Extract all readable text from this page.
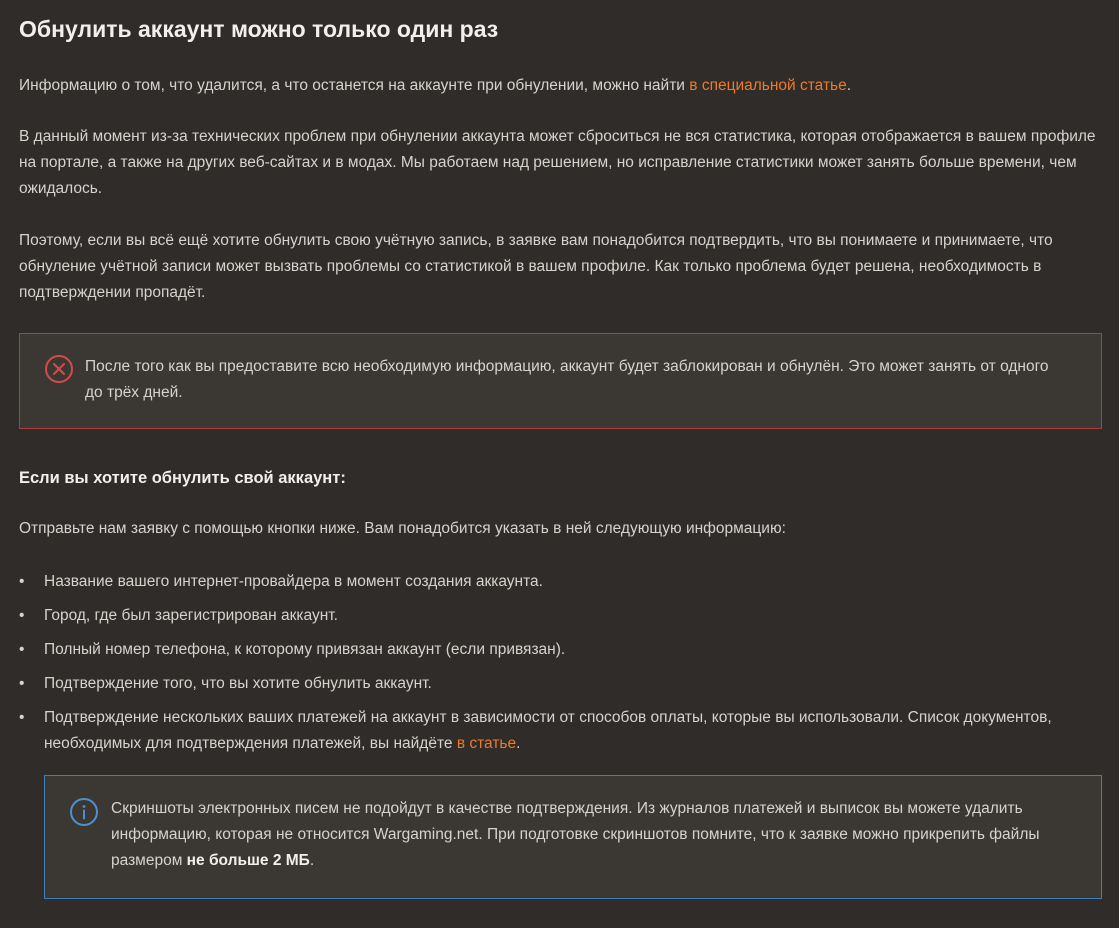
Обнулить аккаунт можно только один раз

Информацию о том, что удалится, а что останется на аккаунте при обнулении, можно найти в специальной статье.

В данный момент из-за технических проблем при обнулении аккаунта может сброситься не вся статистика, которая отображается в вашем профиле на портале, а также на других веб-сайтах и в модах. Мы работаем над решением, но исправление статистики может занять больше времени, чем ожидалось.

Поэтому, если вы всё ещё хотите обнулить свою учётную запись, в заявке вам понадобится подтвердить, что вы понимаете и принимаете, что обнуление учётной записи может вызвать проблемы со статистикой в вашем профиле. Как только проблема будет решена, необходимость в подтверждении пропадёт.

После того как вы предоставите всю необходимую информацию, аккаунт будет заблокирован и обнулён. Это может занять от одного до трёх дней.
Если вы хотите обнулить свой аккаунт:

Отправьте нам заявку с помощью кнопки ниже. Вам понадобится указать в ней следующую информацию:

• Название вашего интернет-провайдера в момент создания аккаунта.
• Город, где был зарегистрирован аккаунт.
• Полный номер телефона, к которому привязан аккаунт (если привязан).
• Подтверждение того, что вы хотите обнулить аккаунт.
• Подтверждение нескольких ваших платежей на аккаунт в зависимости от способов оплаты, которые вы использовали. Список документов, необходимых для подтверждения платежей, вы найдёте в статье.
Скриншоты электронных писем не подойдут в качестве подтверждения. Из журналов платежей и выписок вы можете удалить информацию, которая не относится Wargaming.net. При подготовке скриншотов помните, что к заявке можно прикрепить файлы размером не больше 2 МБ.
